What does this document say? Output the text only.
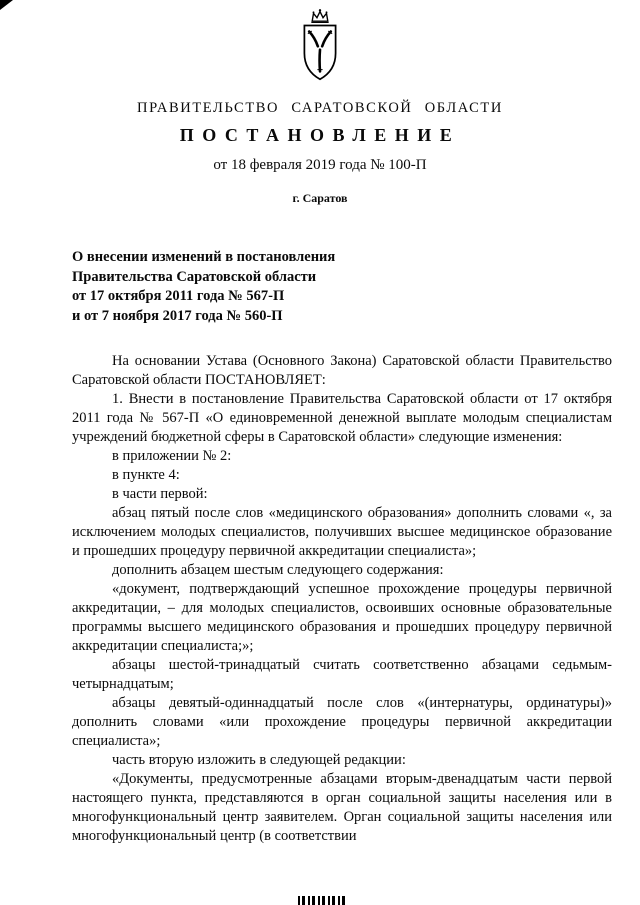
ПРАВИТЕЛЬСТВО САРАТОВСКОЙ ОБЛАСТИ
ПОСТАНОВЛЕНИЕ
от 18 февраля 2019 года № 100-П
г. Саратов
О внесении изменений в постановления
Правительства Саратовской области
от 17 октября 2011 года № 567-П
и от 7 ноября 2017 года № 560-П

На основании Устава (Основного Закона) Саратовской области Правительство Саратовской области ПОСТАНОВЛЯЕТ:

1. Внести в постановление Правительства Саратовской области от 17 октября 2011 года № 567-П «О единовременной денежной выплате молодым специалистам учреждений бюджетной сферы в Саратовской области» следующие изменения:

в приложении № 2:

в пункте 4:

в части первой:

абзац пятый после слов «медицинского образования» дополнить словами «, за исключением молодых специалистов, получивших высшее медицинское образование и прошедших процедуру первичной аккредитации специалиста»;

дополнить абзацем шестым следующего содержания:

«документ, подтверждающий успешное прохождение процедуры первичной аккредитации, – для молодых специалистов, освоивших основные образовательные программы высшего медицинского образования и прошедших процедуру первичной аккредитации специалиста;»;

абзацы шестой-тринадцатый считать соответственно абзацами седьмым-четырнадцатым;

абзацы девятый-одиннадцатый после слов «(интернатуры, ординатуры)» дополнить словами «или прохождение процедуры первичной аккредитации специалиста»;

часть вторую изложить в следующей редакции:

«Документы, предусмотренные абзацами вторым-двенадцатым части первой настоящего пункта, представляются в орган социальной защиты населения или в многофункциональный центр заявителем. Орган социальной защиты населения или многофункциональный центр (в соответствии
